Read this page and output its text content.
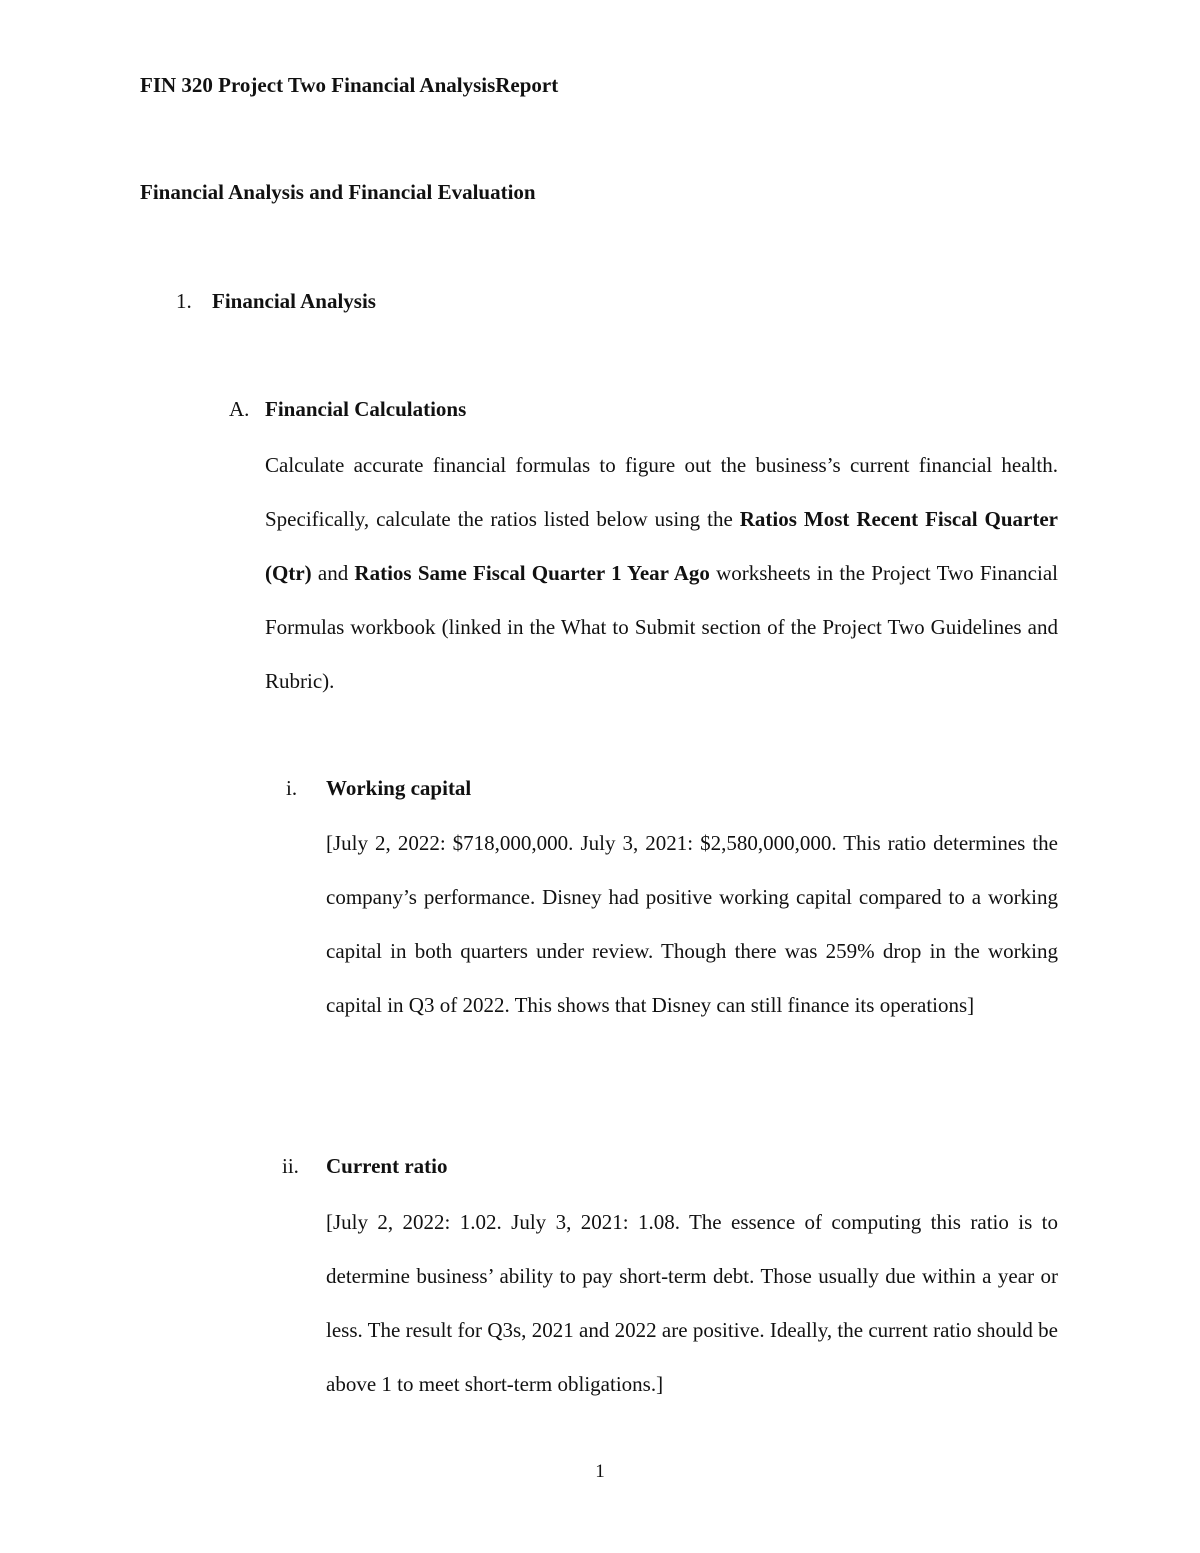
FIN 320 Project Two Financial AnalysisReport
Financial Analysis and Financial Evaluation
1. Financial Analysis
A. Financial Calculations
Calculate accurate financial formulas to figure out the business’s current financial health. Specifically, calculate the ratios listed below using the Ratios Most Recent Fiscal Quarter (Qtr) and Ratios Same Fiscal Quarter 1 Year Ago worksheets in the Project Two Financial Formulas workbook (linked in the What to Submit section of the Project Two Guidelines and Rubric).
i. Working capital
[July 2, 2022: $718,000,000. July 3, 2021: $2,580,000,000. This ratio determines the company’s performance. Disney had positive working capital compared to a working capital in both quarters under review. Though there was 259% drop in the working capital in Q3 of 2022. This shows that Disney can still finance its operations]
ii. Current ratio
[July 2, 2022: 1.02. July 3, 2021: 1.08. The essence of computing this ratio is to determine business’ ability to pay short-term debt. Those usually due within a year or less. The result for Q3s, 2021 and 2022 are positive. Ideally, the current ratio should be above 1 to meet short-term obligations.]
1
